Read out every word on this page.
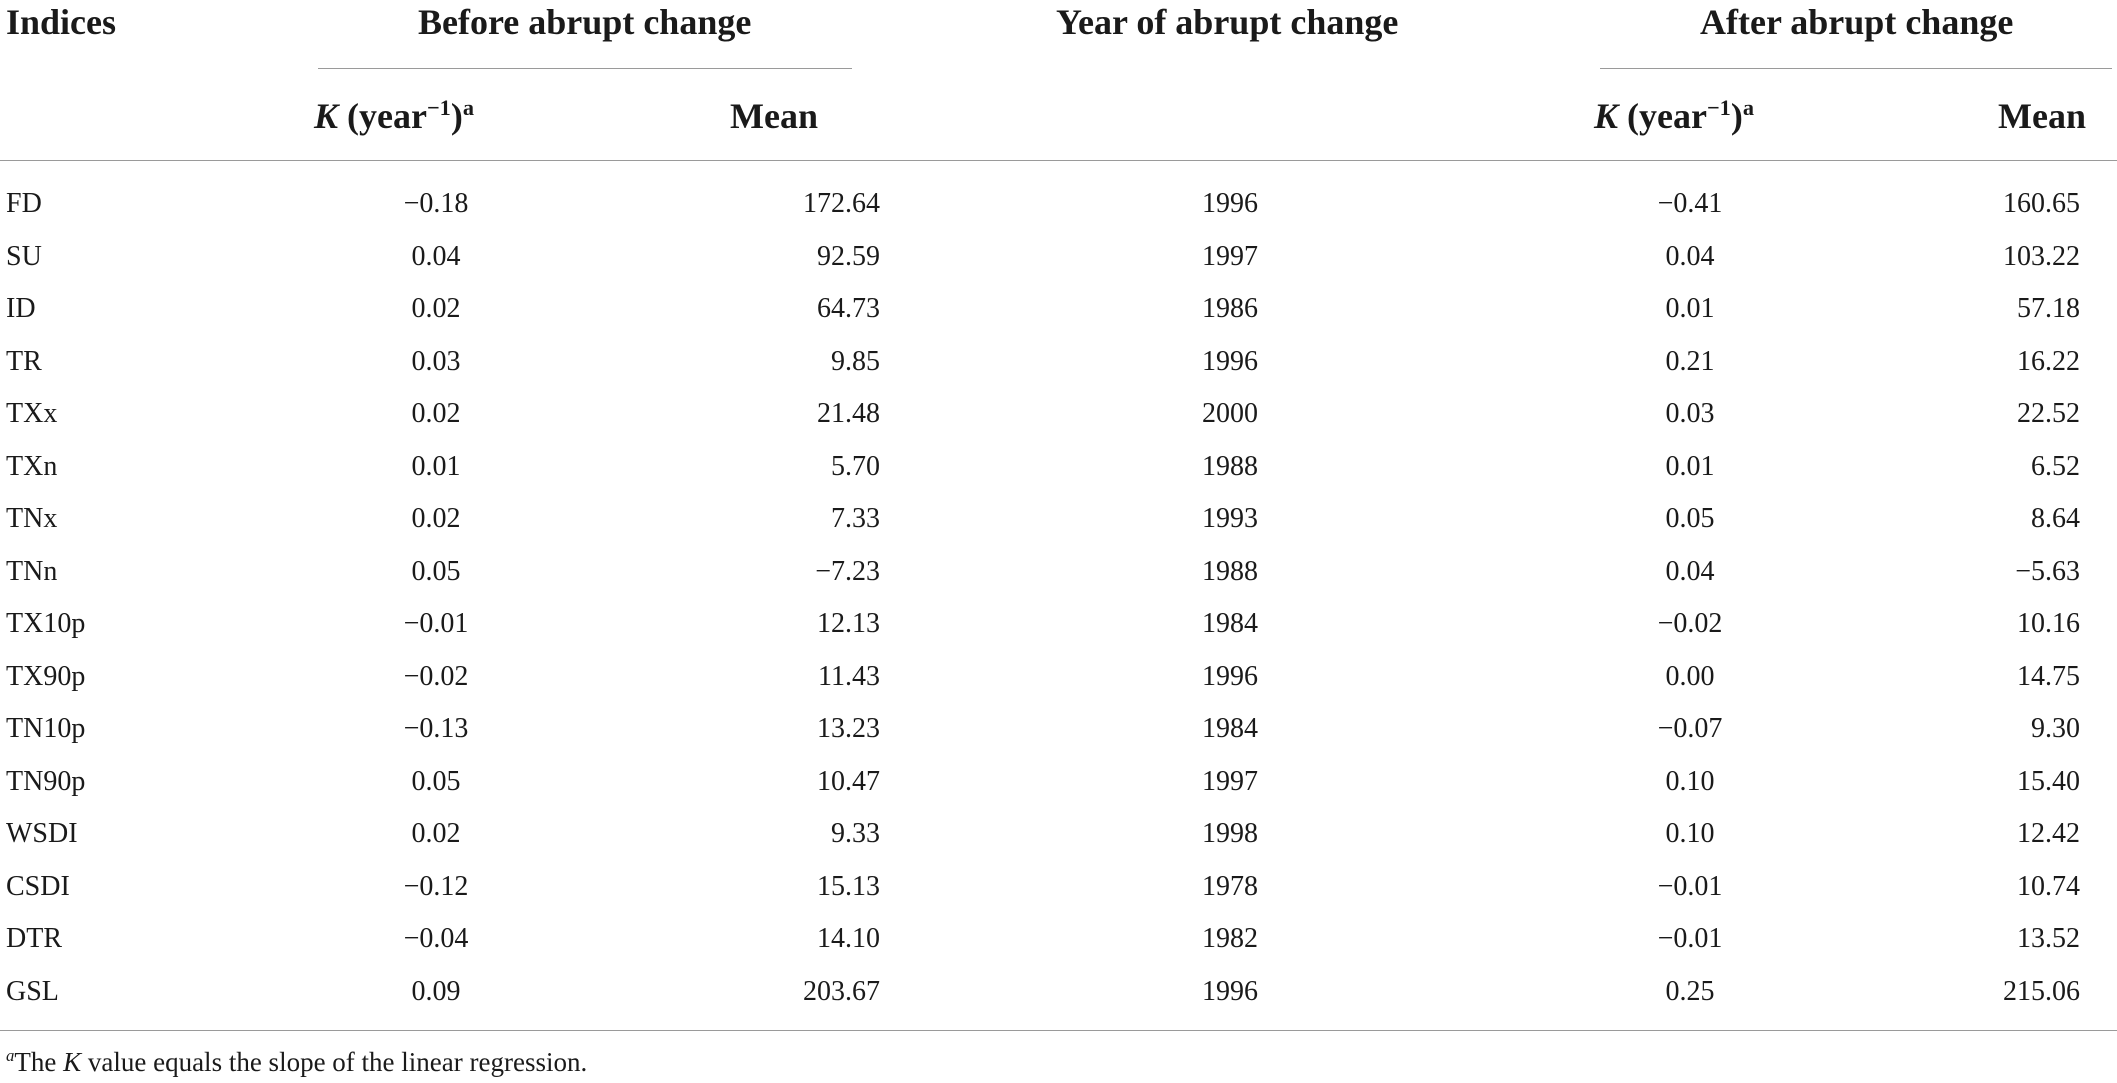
Indices	Before abrupt change	Year of abrupt change	After abrupt change
K (year$^{-1}$)$^a$	Mean	K (year$^{-1}$)$^a$	Mean
FD	−0.18	172.64	1996	−0.41	160.65
SU	0.04	92.59	1997	0.04	103.22
ID	0.02	64.73	1986	0.01	57.18
TR	0.03	9.85	1996	0.21	16.22
TXx	0.02	21.48	2000	0.03	22.52
TXn	0.01	5.70	1988	0.01	6.52
TNx	0.02	7.33	1993	0.05	8.64
TNn	0.05	−7.23	1988	0.04	−5.63
TX10p	−0.01	12.13	1984	−0.02	10.16
TX90p	−0.02	11.43	1996	0.00	14.75
TN10p	−0.13	13.23	1984	−0.07	9.30
TN90p	0.05	10.47	1997	0.10	15.40
WSDI	0.02	9.33	1998	0.10	12.42
CSDI	−0.12	15.13	1978	−0.01	10.74
DTR	−0.04	14.10	1982	−0.01	13.52
GSL	0.09	203.67	1996	0.25	215.06
$^a$The K value equals the slope of the linear regression.
